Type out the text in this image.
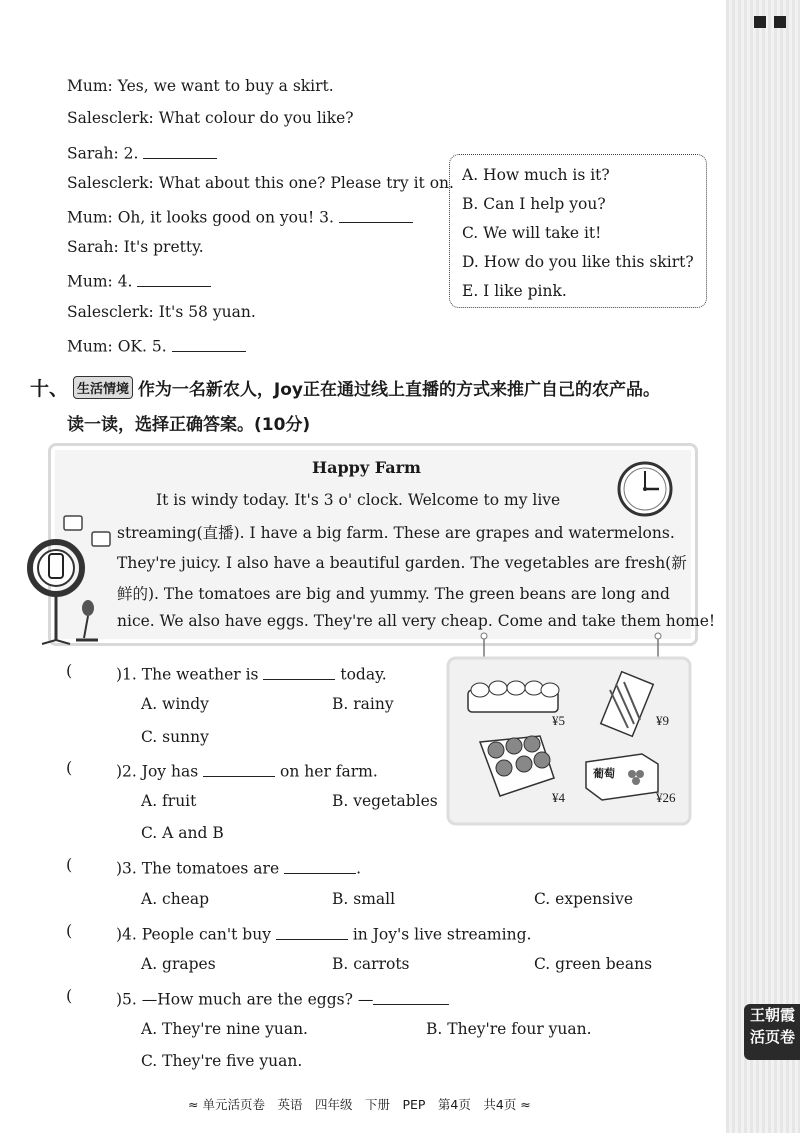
王朝霞
活页卷
Mum: Yes, we want to buy a skirt.
Salesclerk: What colour do you like?
Sarah: 2.
Salesclerk: What about this one? Please try it on.
Mum: Oh, it looks good on you! 3.
Sarah: It's pretty.
Mum: 4.
Salesclerk: It's 58 yuan.
Mum: OK. 5.
A. How much is it?
B. Can I help you?
C. We will take it!
D. How do you like this skirt?
E. I like pink.
十、 生活情境 作为一名新农人，Joy正在通过线上直播的方式来推广自己的农产品。
读一读，选择正确答案。(10分)
Happy Farm
It is windy today. It's 3 o' clock. Welcome to my live
streaming(直播). I have a big farm. These are grapes and watermelons.
They're juicy. I also have a beautiful garden. The vegetables are fresh(新
鲜的). The tomatoes are big and yummy. The green beans are long and
nice. We also have eggs. They're all very cheap. Come and take them home!
¥5	¥9
¥4	¥26
葡萄
(	)1. The weather is	today.
A. windy	B. rainy
C. sunny
(	)2. Joy has	on her farm.
A. fruit	B. vegetables
C. A and B
(	)3. The tomatoes are	.
A. cheap	B. small	C. expensive
(	)4. People can't buy	in Joy's live streaming.
A. grapes	B. carrots	C. green beans
(	)5. —How much are the eggs? —
A. They're nine yuan.	B. They're four yuan.
C. They're five yuan.
≈ 单元活页卷　英语　四年级　下册　PEP　第4页　共4页 ≈
